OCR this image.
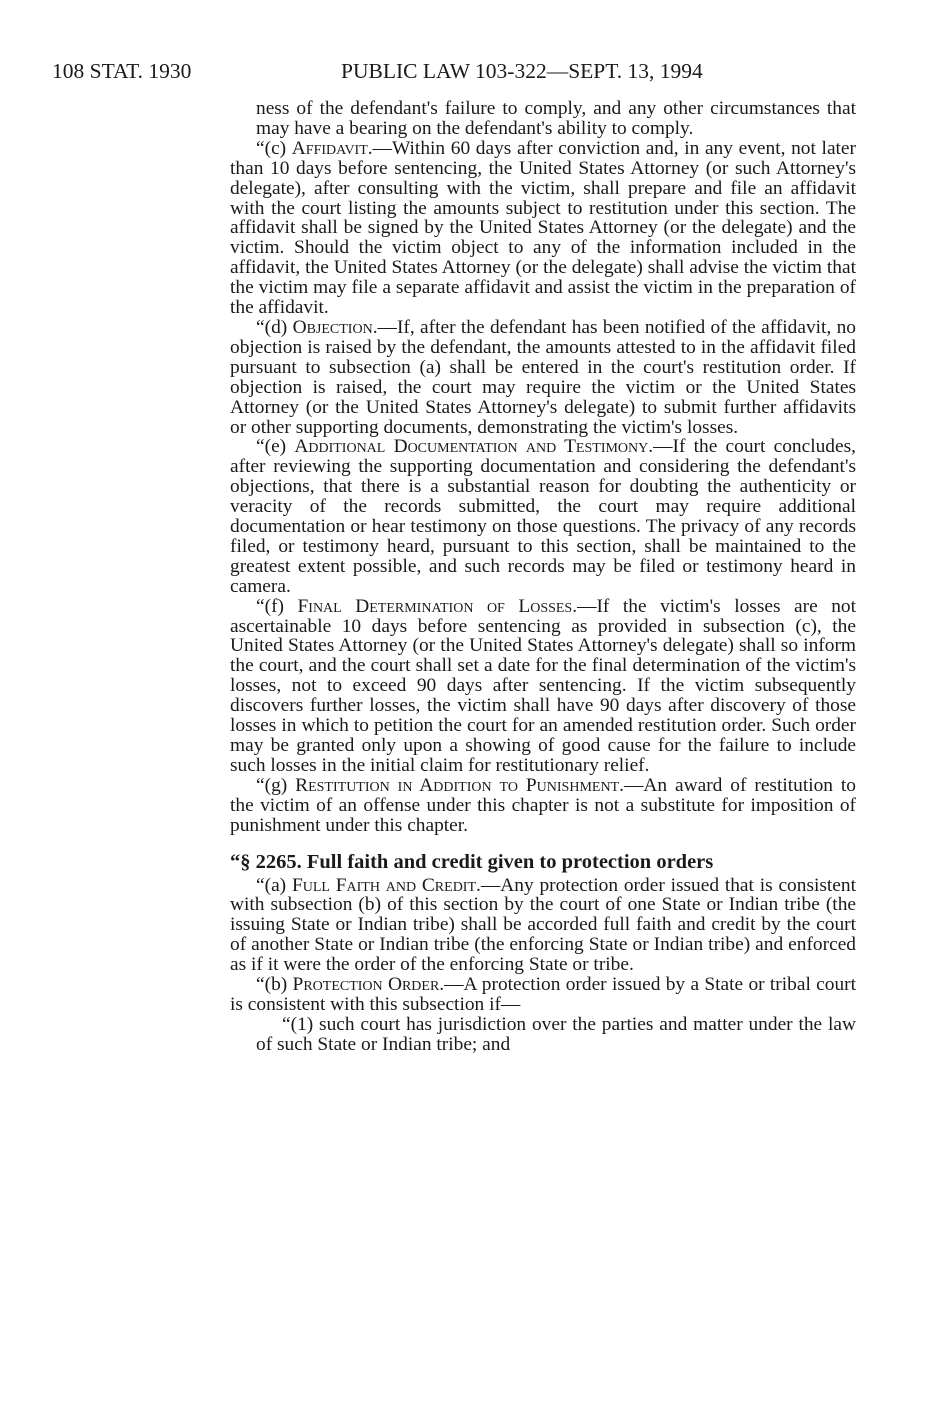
108 STAT. 1930	PUBLIC LAW 103-322—SEPT. 13, 1994

ness of the defendant's failure to comply, and any other circumstances that may have a bearing on the defendant's ability to comply.

“(c) Affidavit.—Within 60 days after conviction and, in any event, not later than 10 days before sentencing, the United States Attorney (or such Attorney's delegate), after consulting with the victim, shall prepare and file an affidavit with the court listing the amounts subject to restitution under this section. The affidavit shall be signed by the United States Attorney (or the delegate) and the victim. Should the victim object to any of the information included in the affidavit, the United States Attorney (or the delegate) shall advise the victim that the victim may file a separate affidavit and assist the victim in the preparation of the affidavit.

“(d) Objection.—If, after the defendant has been notified of the affidavit, no objection is raised by the defendant, the amounts attested to in the affidavit filed pursuant to subsection (a) shall be entered in the court's restitution order. If objection is raised, the court may require the victim or the United States Attorney (or the United States Attorney's delegate) to submit further affidavits or other supporting documents, demonstrating the victim's losses.

“(e) Additional Documentation and Testimony.—If the court concludes, after reviewing the supporting documentation and considering the defendant's objections, that there is a substantial reason for doubting the authenticity or veracity of the records submitted, the court may require additional documentation or hear testimony on those questions. The privacy of any records filed, or testimony heard, pursuant to this section, shall be maintained to the greatest extent possible, and such records may be filed or testimony heard in camera.

“(f) Final Determination of Losses.—If the victim's losses are not ascertainable 10 days before sentencing as provided in subsection (c), the United States Attorney (or the United States Attorney's delegate) shall so inform the court, and the court shall set a date for the final determination of the victim's losses, not to exceed 90 days after sentencing. If the victim subsequently discovers further losses, the victim shall have 90 days after discovery of those losses in which to petition the court for an amended restitution order. Such order may be granted only upon a showing of good cause for the failure to include such losses in the initial claim for restitutionary relief.

“(g) Restitution in Addition to Punishment.—An award of restitution to the victim of an offense under this chapter is not a substitute for imposition of punishment under this chapter.

“§ 2265. Full faith and credit given to protection orders

“(a) Full Faith and Credit.—Any protection order issued that is consistent with subsection (b) of this section by the court of one State or Indian tribe (the issuing State or Indian tribe) shall be accorded full faith and credit by the court of another State or Indian tribe (the enforcing State or Indian tribe) and enforced as if it were the order of the enforcing State or tribe.

“(b) Protection Order.—A protection order issued by a State or tribal court is consistent with this subsection if—

“(1) such court has jurisdiction over the parties and matter under the law of such State or Indian tribe; and
